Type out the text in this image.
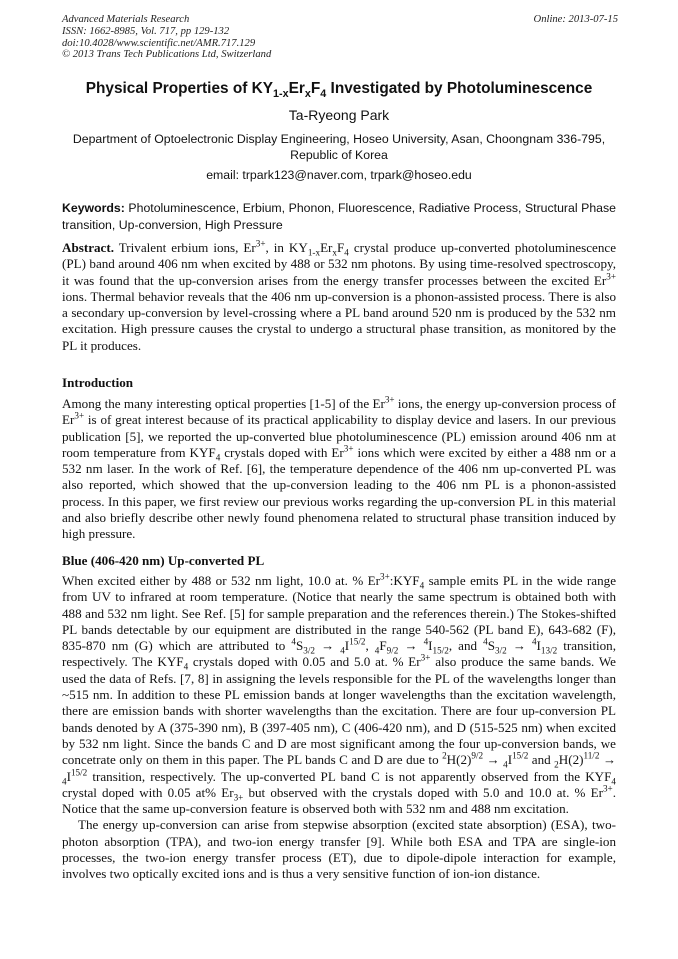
Advanced Materials Research
ISSN: 1662-8985, Vol. 717, pp 129-132
doi:10.4028/www.scientific.net/AMR.717.129
© 2013 Trans Tech Publications Ltd, Switzerland
Online: 2013-07-15
Physical Properties of $KY_{1-x}Er_xF_4$ Investigated by Photoluminescence
Ta-Ryeong Park
Department of Optoelectronic Display Engineering, Hoseo University, Asan, Choongnam 336-795, Republic of Korea
email: trpark123@naver.com, trpark@hoseo.edu
Keywords: Photoluminescence, Erbium, Phonon, Fluorescence, Radiative Process, Structural Phase transition, Up-conversion, High Pressure

Abstract. Trivalent erbium ions, $Er^{3+}$, in $KY_{1-x}Er_xF_4$ crystal produce up-converted photoluminescence (PL) band around 406 nm when excited by 488 or 532 nm photons. By using time-resolved spectroscopy, it was found that the up-conversion arises from the energy transfer processes between the excited $Er^{3+}$ ions. Thermal behavior reveals that the 406 nm up-conversion is a phonon-assisted process. There is also a secondary up-conversion by level-crossing where a PL band around 520 nm is produced by the 532 nm excitation. High pressure causes the crystal to undergo a structural phase transition, as monitored by the PL it produces.

Introduction

Among the many interesting optical properties [1-5] of the $Er^{3+}$ ions, the energy up-conversion process of $Er^{3+}$ is of great interest because of its practical applicability to display device and lasers. In our previous publication [5], we reported the up-converted blue photoluminescence (PL) emission around 406 nm at room temperature from $KYF_4$ crystals doped with $Er^{3+}$ ions which were excited by either a 488 nm or a 532 nm laser. In the work of Ref. [6], the temperature dependence of the 406 nm up-converted PL was also reported, which showed that the up-conversion leading to the 406 nm PL is a phonon-assisted process. In this paper, we first review our previous works regarding the up-conversion PL in this material and also briefly describe other newly found phenomena related to structural phase transition induced by high pressure.

Blue (406-420 nm) Up-converted PL

When excited either by 488 or 532 nm light, 10.0 at. % $Er^{3+}:KYF_4$ sample emits PL in the wide range from UV to infrared at room temperature. (Notice that nearly the same spectrum is obtained both with 488 and 532 nm light. See Ref. [5] for sample preparation and the references therein.) The Stokes-shifted PL bands detectable by our equipment are distributed in the range 540-562 (PL band E), 643-682 (F), 835-870 nm (G) which are attributed to $^4S_{3/2} \to _4I^{15/2}$, $_4F_{9/2} \to ^4I_{15/2}$, and $^4S_{3/2} \to ^4I_{13/2}$ transition, respectively. The $KYF_4$ crystals doped with 0.05 and 5.0 at. % $Er^{3+}$ also produce the same bands. We used the data of Refs. [7, 8] in assigning the levels responsible for the PL of the wavelengths longer than ~515 nm. In addition to these PL emission bands at longer wavelengths than the excitation wavelength, there are emission bands with shorter wavelengths than the excitation. There are four up-conversion PL bands denoted by A (375-390 nm), B (397-405 nm), C (406-420 nm), and D (515-525 nm) when excited by 532 nm light. Since the bands C and D are most significant among the four up-conversion bands, we concetrate only on them in this paper. The PL bands C and D are due to $^2H(2)^{9/2} \to _4I^{15/2}$ and $_2H(2)^{11/2} \to _4I^{15/2}$ transition, respectively. The up-converted PL band C is not apparently observed from the $KYF_4$ crystal doped with 0.05 at% $Er_{3+}$ but observed with the crystals doped with 5.0 and 10.0 at. % $Er^{3+}$. Notice that the same up-conversion feature is observed both with 532 nm and 488 nm excitation.

The energy up-conversion can arise from stepwise absorption (excited state absorption) (ESA), two-photon absorption (TPA), and two-ion energy transfer [9]. While both ESA and TPA are single-ion processes, the two-ion energy transfer process (ET), due to dipole-dipole interaction for example, involves two optically excited ions and is thus a very sensitive function of ion-ion distance.
